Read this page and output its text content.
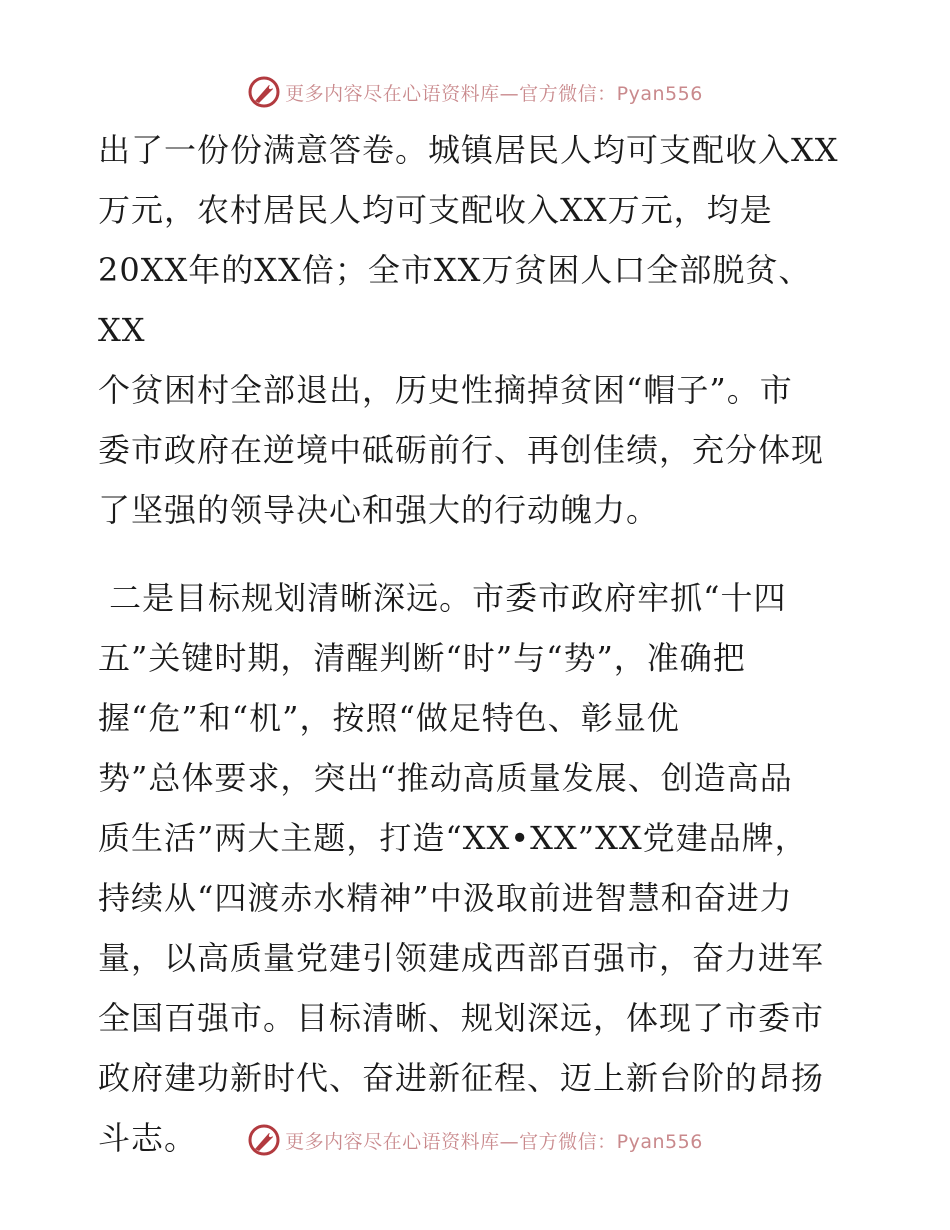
更多内容尽在心语资料库—官方微信：Pyan556
出了一份份满意答卷。城镇居民人均可支配收入XX
万元，农村居民人均可支配收入XX万元，均是
20XX年的XX倍；全市XX万贫困人口全部脱贫、XX
个贫困村全部退出，历史性摘掉贫困“帽子”。市
委市政府在逆境中砥砺前行、再创佳绩，充分体现
了坚强的领导决心和强大的行动魄力。
二是目标规划清晰深远。市委市政府牢抓“十四
五”关键时期，清醒判断“时”与“势”，准确把
握“危”和“机”，按照“做足特色、彰显优
势”总体要求，突出“推动高质量发展、创造高品
质生活”两大主题，打造“XX•XX”XX党建品牌，
持续从“四渡赤水精神”中汲取前进智慧和奋进力
量，以高质量党建引领建成西部百强市，奋力进军
全国百强市。目标清晰、规划深远，体现了市委市
政府建功新时代、奋进新征程、迈上新台阶的昂扬
斗志。	更多内容尽在心语资料库—官方微信：Pyan556
